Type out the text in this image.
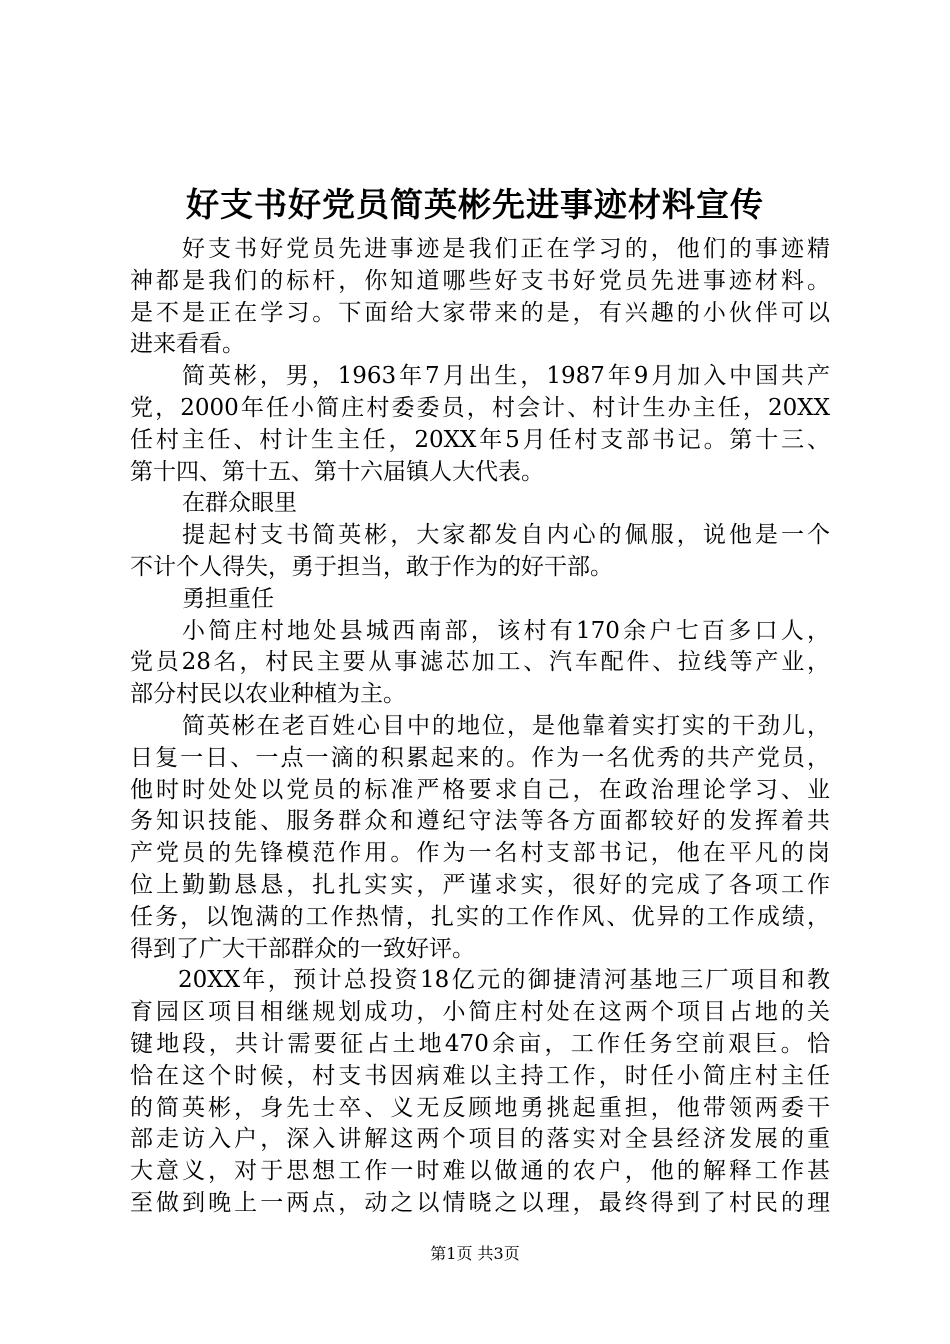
好支书好党员简英彬先进事迹材料宣传
好支书好党员先进事迹是我们正在学习的，他们的事迹精
神都是我们的标杆，你知道哪些好支书好党员先进事迹材料。
是不是正在学习。下面给大家带来的是，有兴趣的小伙伴可以
进来看看。
简英彬，男，1963年7月出生，1987年9月加入中国共产
党，2000年任小简庄村委委员，村会计、村计生办主任，20XX
任村主任、村计生主任，20XX年5月任村支部书记。第十三、
第十四、第十五、第十六届镇人大代表。
在群众眼里
提起村支书简英彬，大家都发自内心的佩服，说他是一个
不计个人得失，勇于担当，敢于作为的好干部。
勇担重任
小简庄村地处县城西南部，该村有170余户七百多口人，
党员28名，村民主要从事滤芯加工、汽车配件、拉线等产业，
部分村民以农业种植为主。
简英彬在老百姓心目中的地位，是他靠着实打实的干劲儿，
日复一日、一点一滴的积累起来的。作为一名优秀的共产党员，
他时时处处以党员的标准严格要求自己，在政治理论学习、业
务知识技能、服务群众和遵纪守法等各方面都较好的发挥着共
产党员的先锋模范作用。作为一名村支部书记，他在平凡的岗
位上勤勤恳恳，扎扎实实，严谨求实，很好的完成了各项工作
任务，以饱满的工作热情，扎实的工作作风、优异的工作成绩，
得到了广大干部群众的一致好评。
20XX年，预计总投资18亿元的御捷清河基地三厂项目和教
育园区项目相继规划成功，小简庄村处在这两个项目占地的关
键地段，共计需要征占土地470余亩，工作任务空前艰巨。恰
恰在这个时候，村支书因病难以主持工作，时任小简庄村主任
的简英彬，身先士卒、义无反顾地勇挑起重担，他带领两委干
部走访入户，深入讲解这两个项目的落实对全县经济发展的重
大意义，对于思想工作一时难以做通的农户，他的解释工作甚
至做到晚上一两点，动之以情晓之以理，最终得到了村民的理
第1页 共3页
